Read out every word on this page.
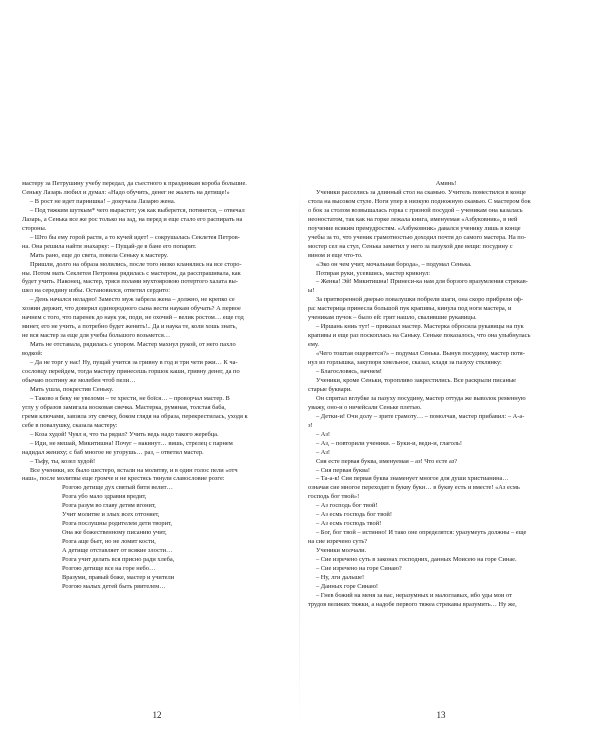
мастеру за Петрушину учебу передал, да съестного к праздникам короба большие.
Сеньку Лазарь любил и думал: «Надо обучить, денег не жалеть на детище!»
– В рост не идет парнишка! – докучала Лазарю жена.
– Под тяжким шуткым* чего вырастет; уж как выберется, потянется, – отвечал
Лазарь, а Сенька все же рос только на зад, на перед и еще стало его распирать на
стороны.
– Што бы ему горой расти, а то кучей идет! – сокрушалась Секлетея Петров-
на. Она решила найти знахарку: – Пущай-де в бане его попарит.
Мать рано, еще до света, повела Сеньку к мастеру.
Пришли, долго на образа молились, после того низко кланялись на все сторо-
ны. Потом мать Секлетея Петровна рядилась с мастером, да расспрашивала, как
будет учить. Наконец, мастер, тряся полами мухтояровою потертого халата вы-
шел на середину избы. Остановился, ответил сердито:
– День начался неладно! Заместо муж забрела жена – должно, не крепко се
хозяин держит, что доверил единородного сына вести наукам обучать? А первое
начнем с того, что паренек до наук уж, поди, не охочий – велик ростом… еще год
минет, его не учить, а потребно будет женить!.. Да и наука те, коли хошь знать,
не вся мастер за еще для учебы большого возьмется…
Мать не отставала, рядилась с упором. Мастер махнул рукой, от него пахло
водкой:
– Да не торг у нас! Ну, пущай учится за гривну в год и три чети ржи… К ча-
сословцу перейдем, тогда мастеру принесешь горшок каши, гривну денег, да по
обычаю полтину же молебен чтоб пели…
Мать ушла, покрестив Сеньку.
– Таково я беку не увеломи – те хрести, не боїся… – проворчал мастер. В
углу у образов замигала восковая свечка. Мастерка, румяная, толстая баба,
гремя ключами, завзяла эту свечку, боком глядя на образа, перекрестилась, уходя к
себе в повалушку, сказала мастеру:
– Коза худой! Чуял я, что ты рядил? Учить ведь надо такого жеребца.
– Иди, не мешай, Микитишна! Почуг – накинут… вишь, стрелец с парнем
надидал жениху; с баб многое не угорушь… раз, – ответил мастер.
– Тьфу, ты, козел худой!
Все ученики, их было шестеро, встали на молитву, и в один голос пели «отч
наш», после молитвы еще громче и не крестясь тянули славословие розге:
Розгою детище дух святый бити велит…
Розга убо мало здравия вредит,
Розга разум во главу детям вгонит,
Учит молитве и злых всех отгоняет,
Розга послушны родителем дети творит,
Она же божественному писанию учит,
Розга аще бьет, но не ломит кости,
А детище отставляет от всякие злости…
Розга учит делать вся присно ради хлеба,
Розгою детище все на горе небо…
Вразуми, правый боже, мастер и учители
Розгою малых детей быть рвителем…
Аминь!
Ученики расселись за длинный стол на скамью. Учитель поместился в конце
стола на высоком стуле. Ноги упер в низкую подножную скамью. С мастером бок
о бок за столом возвышалась горка с грязной посудой – ученикам она казалась
неоностатом, так как на горке лежала книга, именуемая «Азбуковник», в ней
поучение всяким премудростям. «Азбуковник» давался ученику лишь в конце
учебы за то, что ученик грамотностью доходил почти до самого мастера. На по-
мостер сел на стул, Сенька заметил у него за пазухой две вещи: посудину с
вином и еще что-то.
«Эко он чем учит, мочальная борода», – подумал Сенька.
Потирая руки, усевшись, мастер крикнул:
– Женка! Эй! Микитишна! Принеси-ка нам для борзого вразумления стрекав-
ы!
За притворенной дверью повалушки побрели шаги, она скоро прибрели оф-
ра: мастерица принесла большой пук крапивы, кинула под ноги мастера, и
ученикам пучок – было ей: грит нашло, свалившие рукавицы.
– Иршань книь тут! – приказал мастер. Мастерка обросила рукавицы на пук
крапивы и еще раз поскоплась на Саньку. Сеньке показалось, что она улыбнулась
ему.
«Чего тоштая ощеряется?» – подумал Сенька. Вынув посудину, мастер потя-
нул из горлышка, закупоря хмельное, сказал, кладя за пазуху стклянку:
– Благословясь, начнем!
Ученики, кроме Сеньки, торопливо закрестились. Все раскрыли писаные
старые буквари.
Он спрятал вглубке за пазуху посудину, мастер оттуда же выволок ременную
уважу, оно-и о ничейсали Сеньке плетью.
– Детки-и! Очн долу – зрите грамоту… – помолчав, мастер прибавил: – А-а-
з!
– Аз!
– Аз, – повторили ученики. – Буки-и, веди-и, глаголь!
– Аз!
Сия есте первая буква, именуемая – аз! Что есте аз?
– Сия первая буква!
– Та-а-к! Сия первая буква знаменует многое для души христианина…
означая сие многое переходит в букву букн… в букву есть и вместе! «Аз есмь
господь бог твой»!
– Аз господь бог твой!
– Аз есмь господь бог твой!
– Аз есмь господь твой!
– Бог, бог твой – истинно! И тако оне определятся: уразумеуть должны – еще
на сие изречено суть?
Ученики молчали.
– Сие изречено суть в законах господних, данных Моисею на горе Синае.
– Сие изречено на горе Синаю?
– Ну, лги дальше!
– Данных горе Синаю!
– Гнев божий на меня за вас, неразумных и малоглавых, ибо уды мои от
трудов великих тяжки, а надобе первого тяжеа стрекавы вразумить… Ну же,
12	13
